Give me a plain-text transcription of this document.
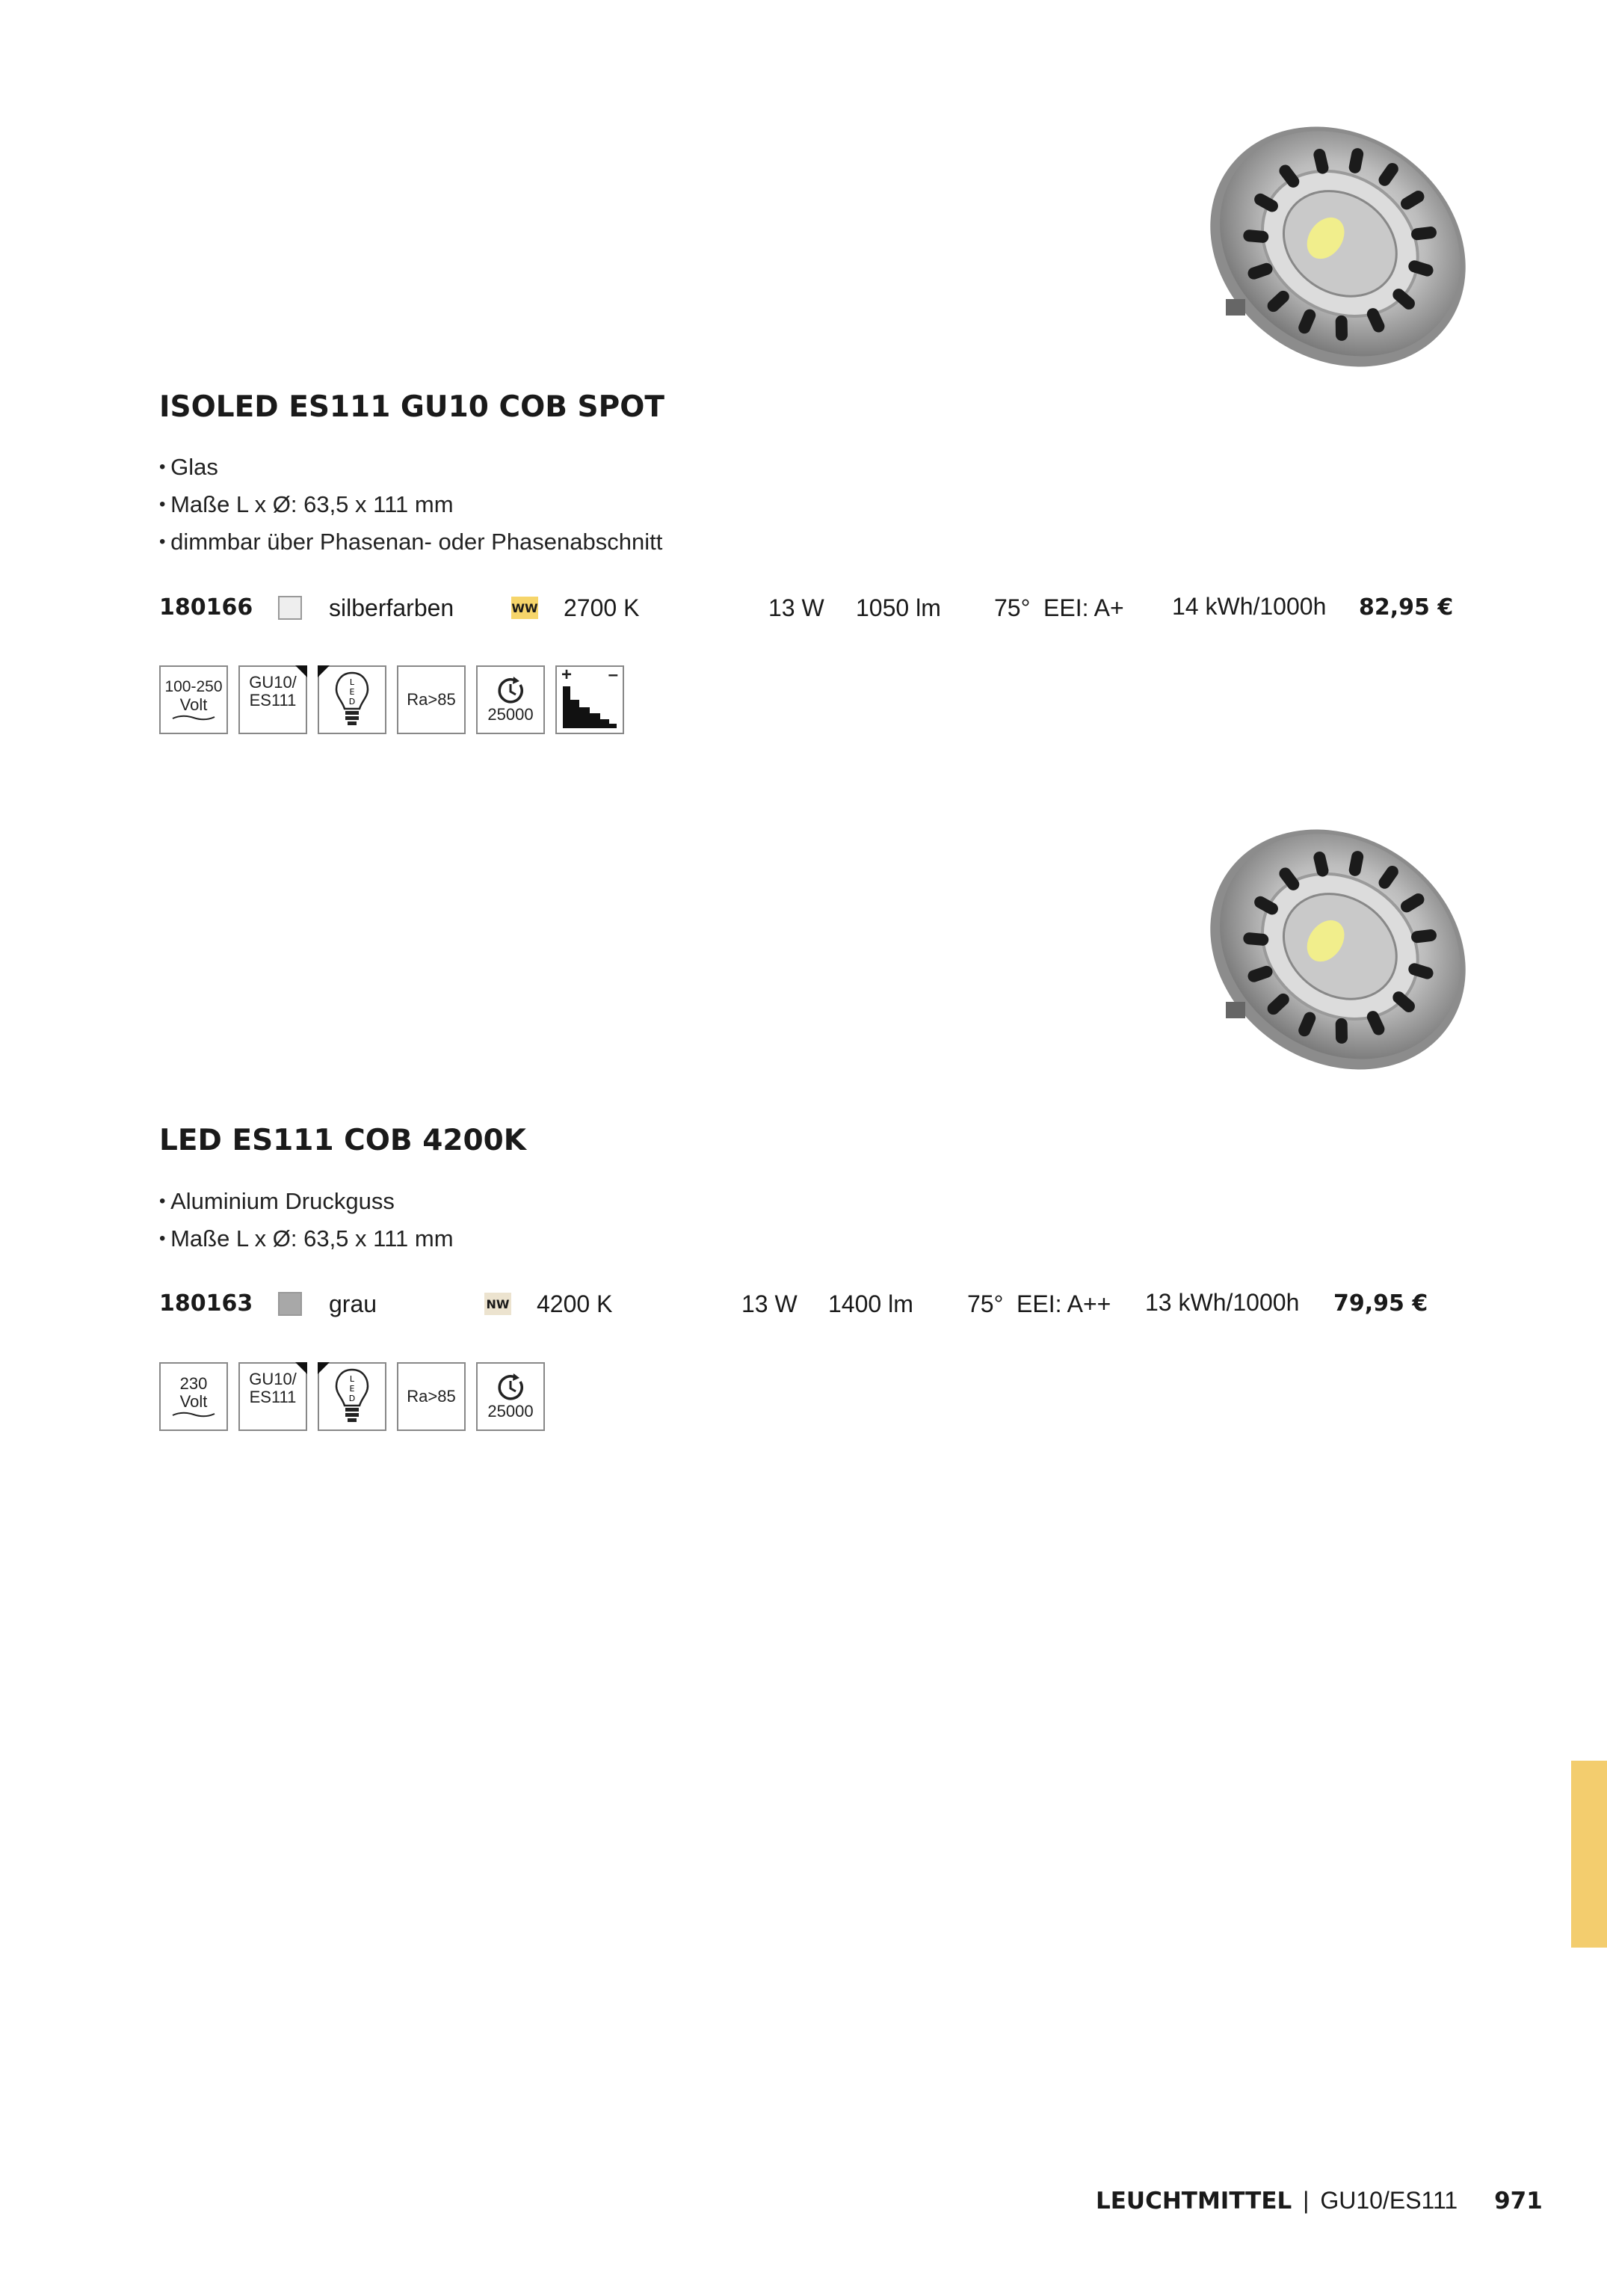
ISOLED ES111 GU10 COB SPOT
• Glas
• Maße L x Ø: 63,5 x 111 mm
• dimmbar über Phasenan- oder Phasenabschnitt
180166	silberfarben	WW 2700 K	13 W 1050 lm 75° EEI: A+ 14 kWh/1000h 82,95 €
100-250
Volt
GU10/
ES111
L
E
D	Ra>85
25000
+ –
LED ES111 COB 4200K
• Aluminium Druckguss
• Maße L x Ø: 63,5 x 111 mm
180163	grau	NW 4200 K	13 W 1400 lm 75° EEI: A++ 13 kWh/1000h 79,95 €
230
Volt
GU10/
ES111
L
E
D	Ra>85
25000
LEUCHTMITTEL | GU10/ES111 971
